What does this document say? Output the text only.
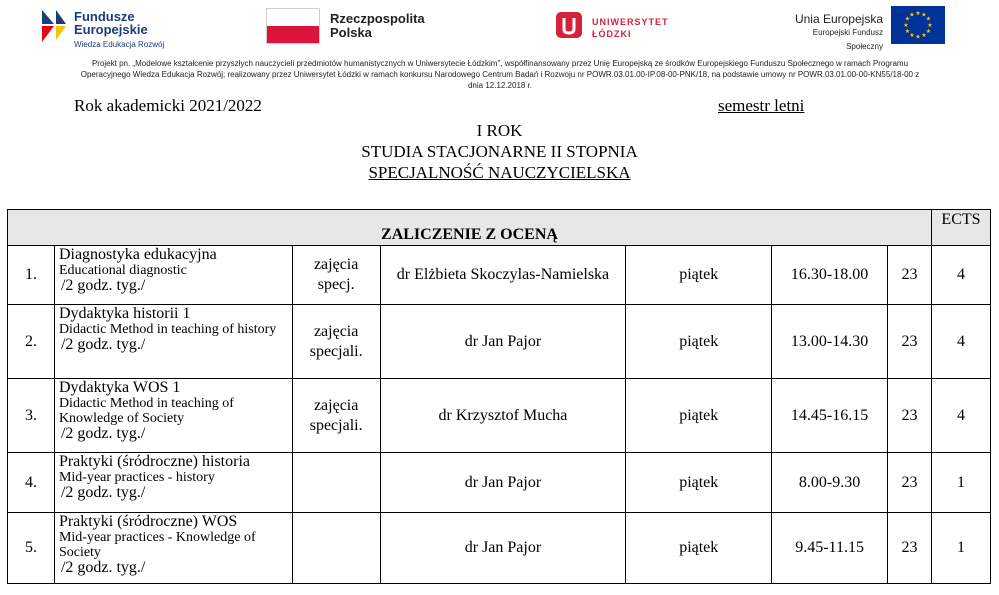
Fundusze
Europejskie
Wiedza Edukacja Rozwój
Rzeczpospolita
Polska
UNIWERSYTET
ŁÓDZKI
Unia Europejska
Europejski Fundusz Społeczny
★ ★
★
★
★
★
★
★
★
★
★
★

Projekt pn. „Modelowe kształcenie przyszłych nauczycieli przedmiotów humanistycznych w Uniwersytecie Łódzkim", współfinansowany przez Unię Europejską ze środków Europejskiego Funduszu Społecznego w ramach Programu Operacyjnego Wiedza Edukacja Rozwój; realizowany przez Uniwersytet Łódzki w ramach konkursu Narodowego Centrum Badań i Rozwoju nr POWR.03.01.00-IP.08-00-PNK/18, na podstawie umowy nr POWR.03.01.00-00-KN55/18-00 z dnia 12.12.2018 r.

Rok akademicki 2021/2022	semestr letni

I ROK

STUDIA STACJONARNE II STOPNIA

SPECJALNOŚĆ NAUCZYCIELSKA

ZALICZENIE Z OCENĄ							ECTS
1.	Diagnostyka edukacyjna
Educational diagnostic
/2 godz. tyg./	zajęcia
specj.	dr Elżbieta Skoczylas-Namielska	piątek	16.30-18.00	23	4
2.	Dydaktyka historii 1
Didactic Method in teaching of history
/2 godz. tyg./	zajęcia
specjali.	dr Jan Pajor	piątek	13.00-14.30	23	4
3.	Dydaktyka WOS 1
Didactic Method in teaching of Knowledge of Society
/2 godz. tyg./	zajęcia
specjali.	dr Krzysztof Mucha	piątek	14.45-16.15	23	4
4.	Praktyki (śródroczne) historia
Mid-year practices - history
/2 godz. tyg./		dr Jan Pajor	piątek	8.00-9.30	23	1
5.	Praktyki (śródroczne) WOS
Mid-year practices - Knowledge of Society
/2 godz. tyg./		dr Jan Pajor	piątek	9.45-11.15	23	1
